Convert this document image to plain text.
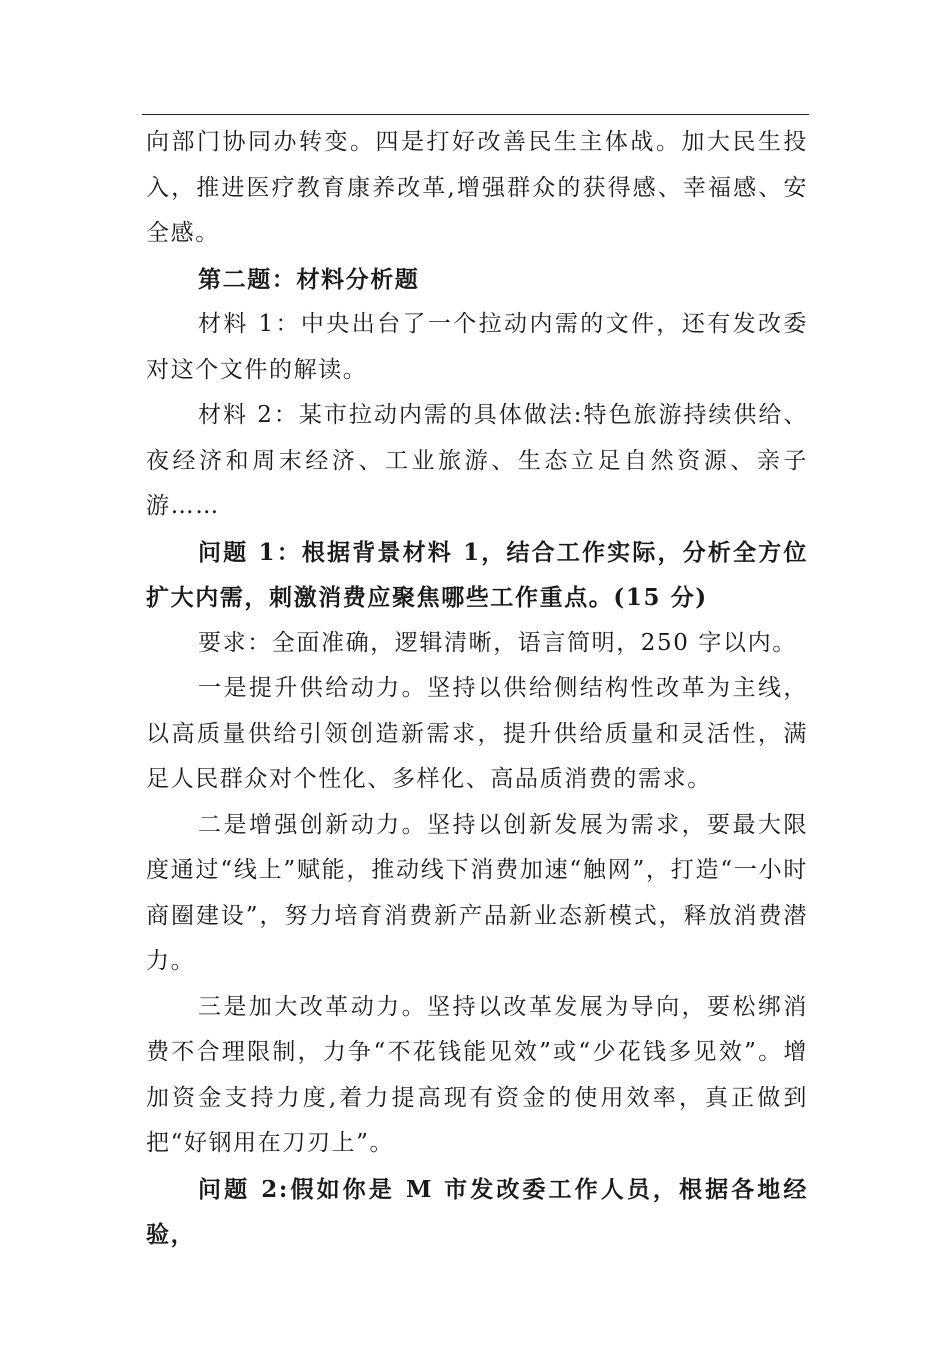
向部门协同办转变。四是打好改善民生主体战。加大民生投入，推进医疗教育康养改革,增强群众的获得感、幸福感、安全感。

第二题：材料分析题

材料 1：中央出台了一个拉动内需的文件，还有发改委对这个文件的解读。

材料 2：某市拉动内需的具体做法:特色旅游持续供给、夜经济和周末经济、工业旅游、生态立足自然资源、亲子游……

问题 1：根据背景材料 1，结合工作实际，分析全方位扩大内需，刺激消费应聚焦哪些工作重点。(15 分)

要求：全面准确，逻辑清晰，语言简明，250 字以内。

一是提升供给动力。坚持以供给侧结构性改革为主线，以高质量供给引领创造新需求，提升供给质量和灵活性，满足人民群众对个性化、多样化、高品质消费的需求。

二是增强创新动力。坚持以创新发展为需求，要最大限度通过“线上”赋能，推动线下消费加速“触网”，打造“一小时商圈建设”，努力培育消费新产品新业态新模式，释放消费潜力。

三是加大改革动力。坚持以改革发展为导向，要松绑消费不合理限制，力争“不花钱能见效”或“少花钱多见效”。增加资金支持力度,着力提高现有资金的使用效率，真正做到把“好钢用在刀刃上”。

问题 2:假如你是 M 市发改委工作人员，根据各地经验，
